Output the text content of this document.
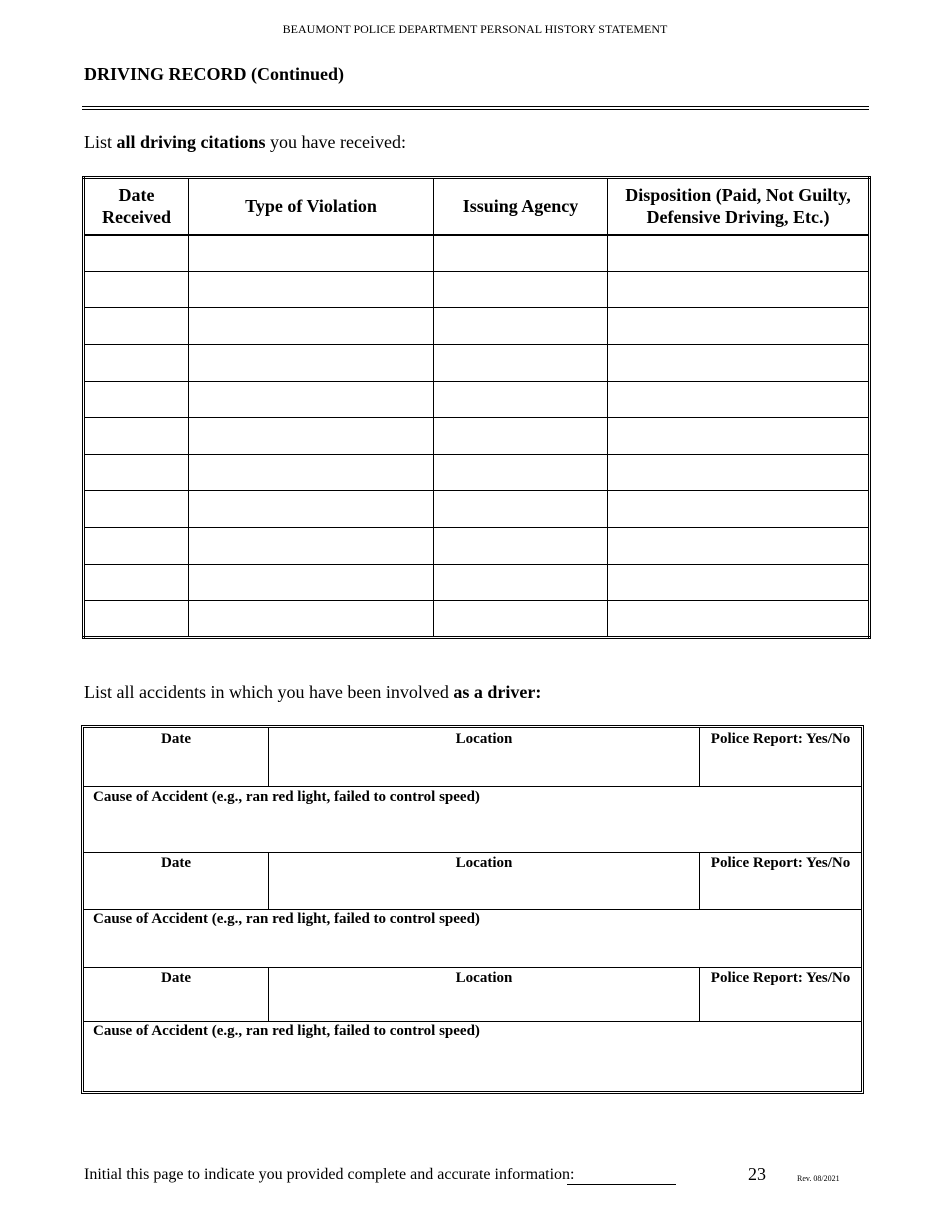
BEAUMONT POLICE DEPARTMENT PERSONAL HISTORY STATEMENT
DRIVING RECORD (Continued)
List all driving citations you have received:
Date
Received	Type of Violation	Issuing Agency	Disposition (Paid, Not Guilty,
Defensive Driving, Etc.)

List all accidents in which you have been involved as a driver:
Date	Location	Police Report: Yes/No
Cause of Accident (e.g., ran red light, failed to control speed)
Date	Location	Police Report: Yes/No
Cause of Accident (e.g., ran red light, failed to control speed)
Date	Location	Police Report: Yes/No
Cause of Accident (e.g., ran red light, failed to control speed)
Initial this page to indicate you provided complete and accurate information:	23	Rev. 08/2021
